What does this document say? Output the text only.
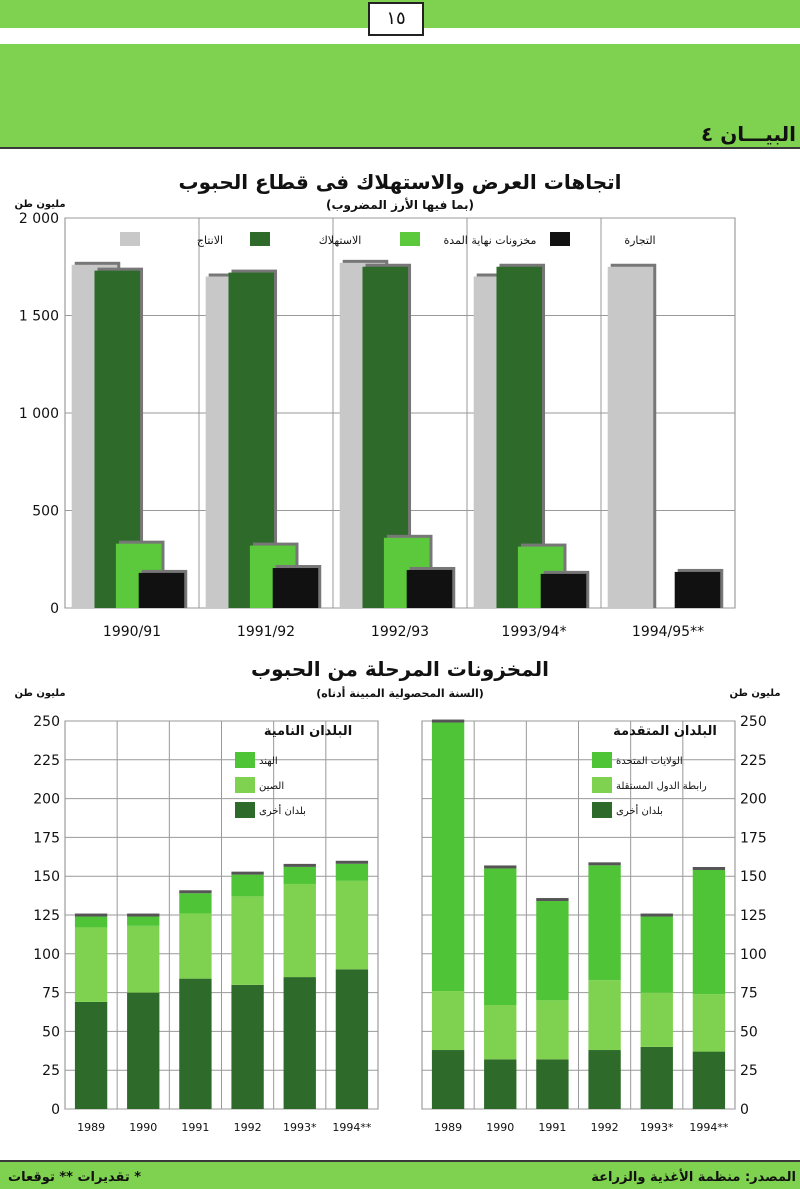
١٥
البيـــان ٤
اتجاهات العرض والاستهلاك فى قطاع الحبوب
(بما فيها الأرز المضروب)
مليون طن
0
500
1 000
1 500
2 000
الانتاج	الاستهلاك	مخزونات نهاية المدة	التجارة
1990/91	1991/92	1992/93	1993/94*	1994/95**
المخزونات المرحلة من الحبوب
(السنة المحصولية المبينة أدناه)
0
25
50
75
100
125
150
175
200
225
250
مليون طن
البلدان المتقدمة
الولايات المتحدة
رابطة الدول المستقلة
بلدان أخرى
1989 1990 1991 1992 1993* 1994**
0
25
50
75
100
125
150
175
200
225
250
مليون طن
البلدان النامية
الهند
الصين
بلدان أخرى
1989 1990 1991 1992 1993* 1994**
المصدر: منظمة الأغذية والزراعة
* تقديرات ** توقعات
